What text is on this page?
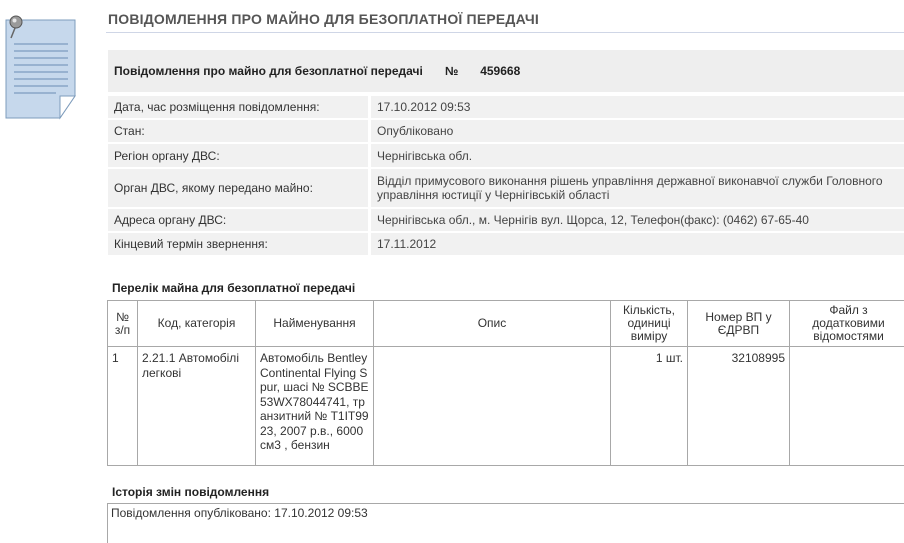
ПОВІДОМЛЕННЯ ПРО МАЙНО ДЛЯ БЕЗОПЛАТНОЇ ПЕРЕДАЧІ
Повідомлення про майно для безоплатної передачі № 459668
Дата, час розміщення повідомлення:	17.10.2012 09:53
Стан:	Опубліковано
Регіон органу ДВС:	Чернігівська обл.
Орган ДВС, якому передано майно:	Відділ примусового виконання рішень управління державної виконавчої служби Головного управління юстиції у Чернігівській області
Адреса органу ДВС:	Чернігівська обл., м. Чернігів вул. Щорса, 12, Телефон(факс): (0462) 67-65-40
Кінцевий термін звернення:	17.11.2012
Перелік майна для безоплатної передачі
№ з/п	Код, категорія	Найменування	Опис	Кількість, одиниці виміру	Номер ВП у ЄДРВП	Файл з додатковими відомостями
1	2.21.1 Автомобілі легкові	Автомобіль Bentley Continental Flying Spur, шасі № SCBBE53WX78044741, транзитний № T1IT9923, 2007 р.в., 6000 см3 , бензин		1 шт.	32108995	
Історія змін повідомлення
Повідомлення опубліковано: 17.10.2012 09:53
